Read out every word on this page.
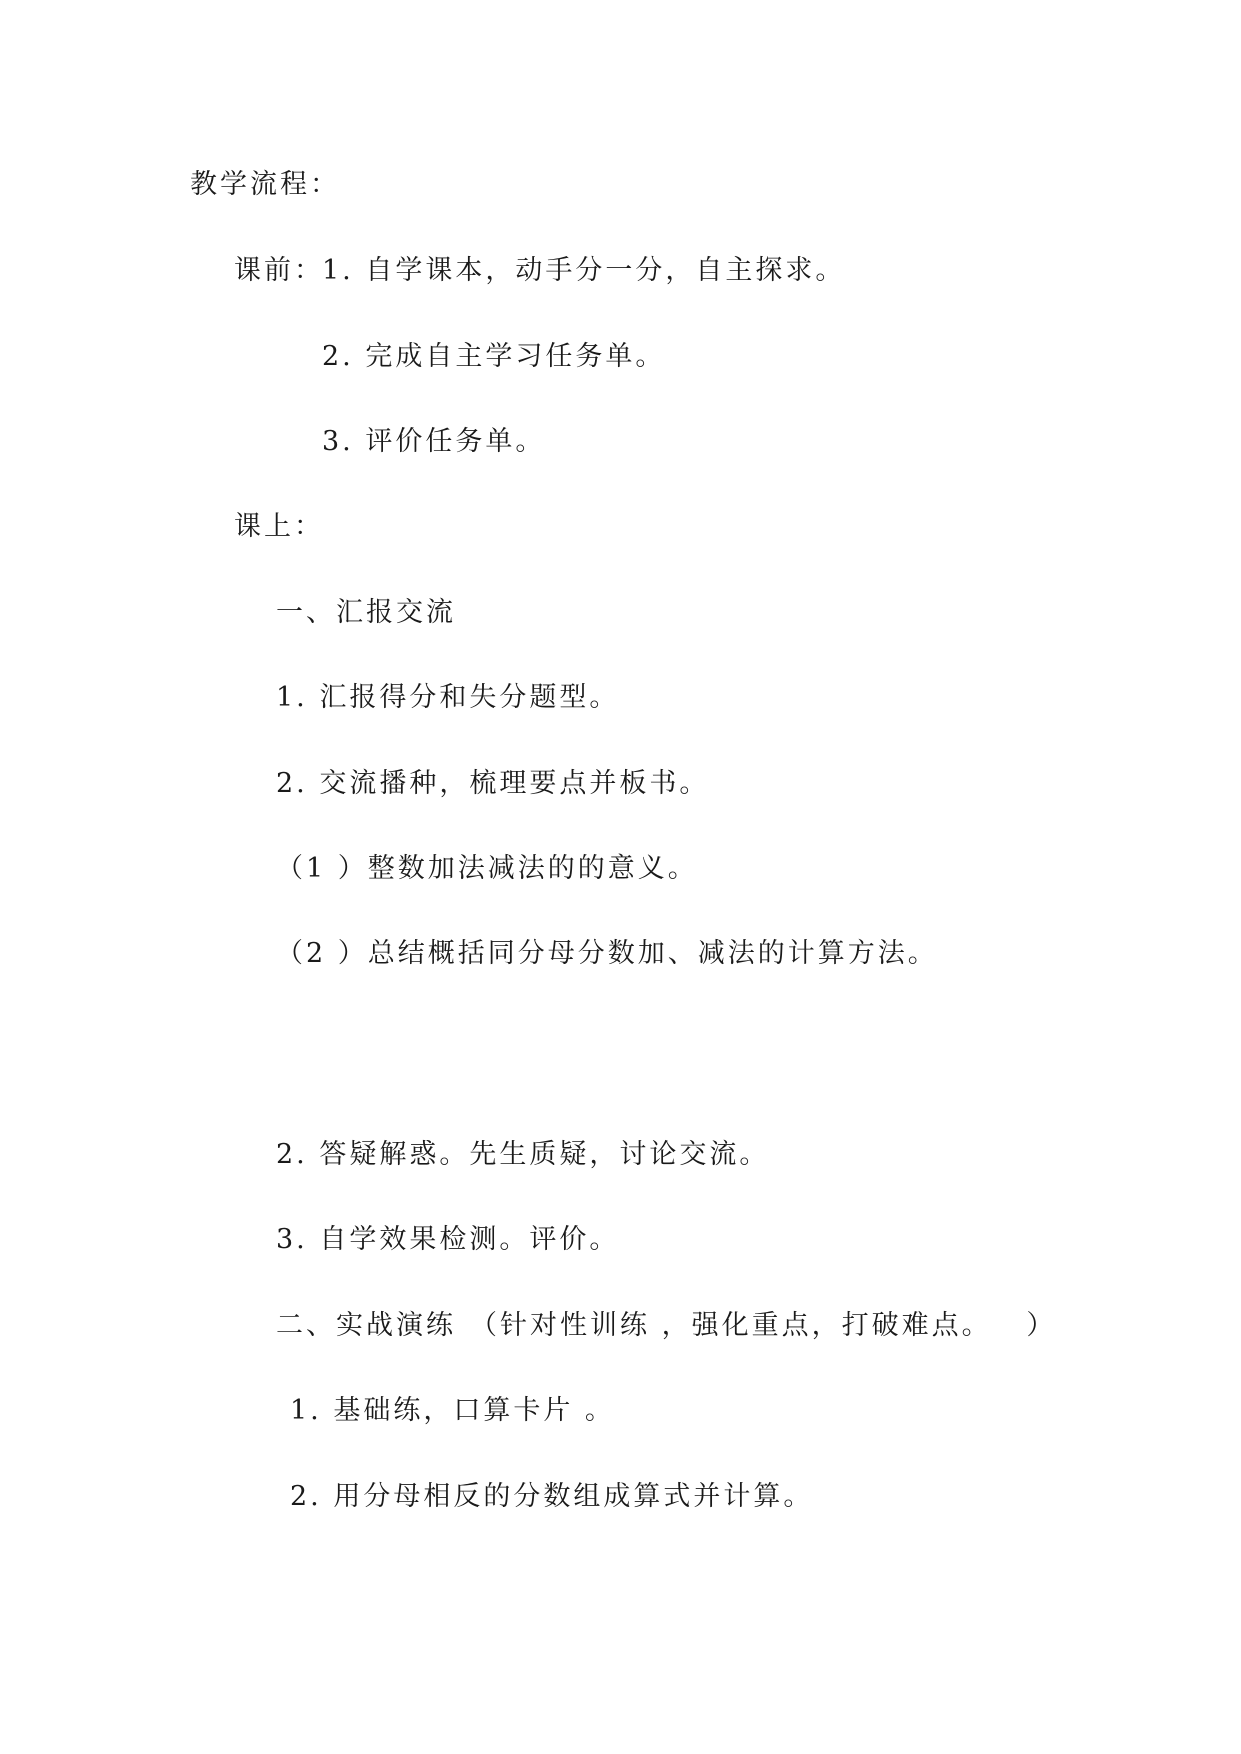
教学流程：
课前：
1. 自学课本，动手分一分，自主探求。
2. 完成自主学习任务单。
3. 评价任务单。
课上：
一、汇报交流
1. 汇报得分和失分题型。
2. 交流播种，梳理要点并板书。
（1 ）整数加法减法的的意义。
（2 ）总结概括同分母分数加、减法的计算方法。
2. 答疑解惑。先生质疑，讨论交流。
3. 自学效果检测。评价。
二、实战演练 （针对性训练 ，强化重点，打破难点。   ）
1. 基础练，口算卡片 。
2. 用分母相反的分数组成算式并计算。
